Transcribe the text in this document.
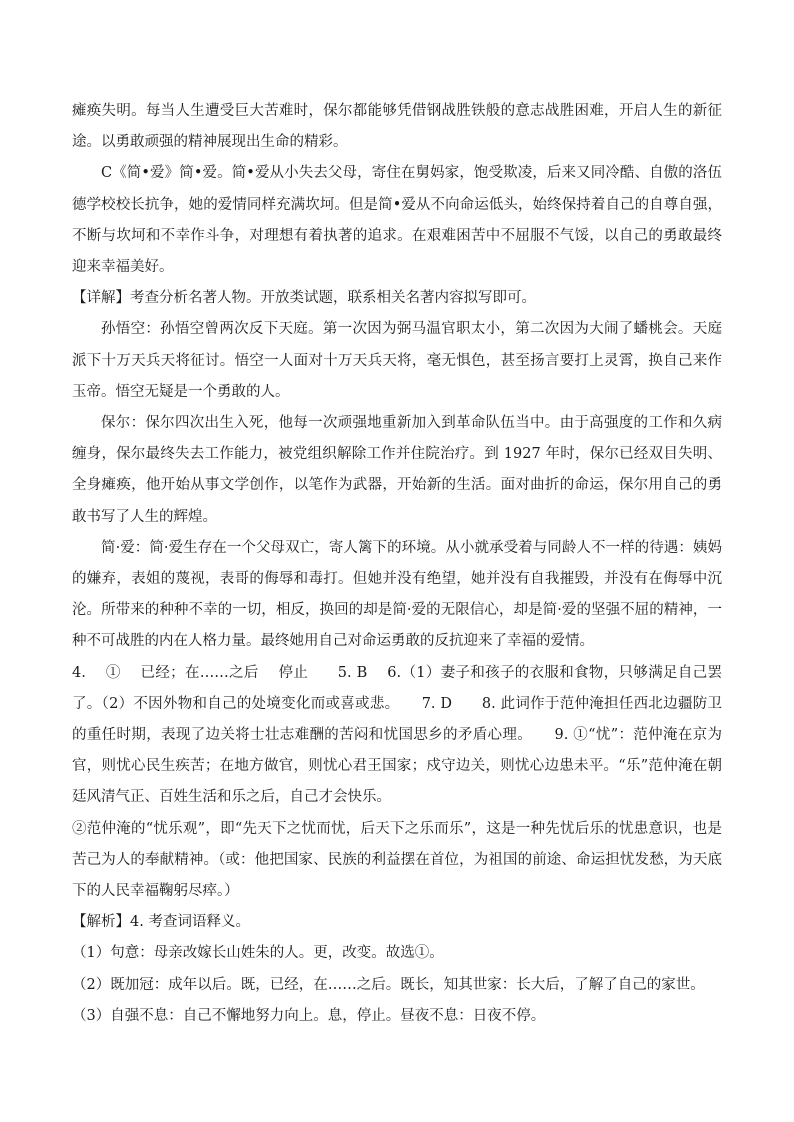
瘫痪失明。每当人生遭受巨大苦难时，保尔都能够凭借钢战胜铁般的意志战胜困难，开启人生的新征途。以勇敢顽强的精神展现出生命的精彩。

C《简•爱》简•爱。简•爱从小失去父母，寄住在舅妈家，饱受欺凌，后来又同冷酷、自傲的洛伍德学校校长抗争，她的爱情同样充满坎坷。但是简•爱从不向命运低头，始终保持着自己的自尊自强，不断与坎坷和不幸作斗争，对理想有着执著的追求。在艰难困苦中不屈服不气馁，以自己的勇敢最终迎来幸福美好。

【详解】考查分析名著人物。开放类试题，联系相关名著内容拟写即可。

孙悟空：孙悟空曾两次反下天庭。第一次因为弼马温官职太小，第二次因为大闹了蟠桃会。天庭派下十万天兵天将征讨。悟空一人面对十万天兵天将，毫无惧色，甚至扬言要打上灵霄，换自己来作玉帝。悟空无疑是一个勇敢的人。

保尔：保尔四次出生入死，他每一次顽强地重新加入到革命队伍当中。由于高强度的工作和久病缠身，保尔最终失去工作能力，被党组织解除工作并住院治疗。到 1927 年时，保尔已经双目失明、全身瘫痪，他开始从事文学创作，以笔作为武器，开始新的生活。面对曲折的命运，保尔用自己的勇敢书写了人生的辉煌。

简·爱：简·爱生存在一个父母双亡，寄人篱下的环境。从小就承受着与同龄人不一样的待遇：姨妈的嫌弃，表姐的蔑视，表哥的侮辱和毒打。但她并没有绝望，她并没有自我摧毁，并没有在侮辱中沉沦。所带来的种种不幸的一切，相反，换回的却是简·爱的无限信心，却是简·爱的坚强不屈的精神，一种不可战胜的内在人格力量。最终她用自己对命运勇敢的反抗迎来了幸福的爱情。

4.　 ①　 已经；在……之后　 停止　　5. B　 6.（1）妻子和孩子的衣服和食物，只够满足自己罢了。（2）不因外物和自己的处境变化而或喜或悲。　　7. D　　8. 此词作于范仲淹担任西北边疆防卫的重任时期，表现了边关将士壮志难酬的苦闷和忧国思乡的矛盾心理。　　9. ①“忧”：范仲淹在京为官，则忧心民生疾苦；在地方做官，则忧心君王国家；戍守边关，则忧心边患未平。“乐”范仲淹在朝廷风清气正、百姓生活和乐之后，自己才会快乐。

②范仲淹的“忧乐观”，即“先天下之忧而忧，后天下之乐而乐”，这是一种先忧后乐的忧患意识，也是苦己为人的奉献精神。（或：他把国家、民族的利益摆在首位，为祖国的前途、命运担忧发愁，为天底下的人民幸福鞠躬尽瘁。）

【解析】4. 考查词语释义。

（1）句意：母亲改嫁长山姓朱的人。更，改变。故选①。

（2）既加冠：成年以后。既，已经，在……之后。既长，知其世家：长大后，了解了自己的家世。

（3）自强不息：自己不懈地努力向上。息，停止。昼夜不息：日夜不停。
